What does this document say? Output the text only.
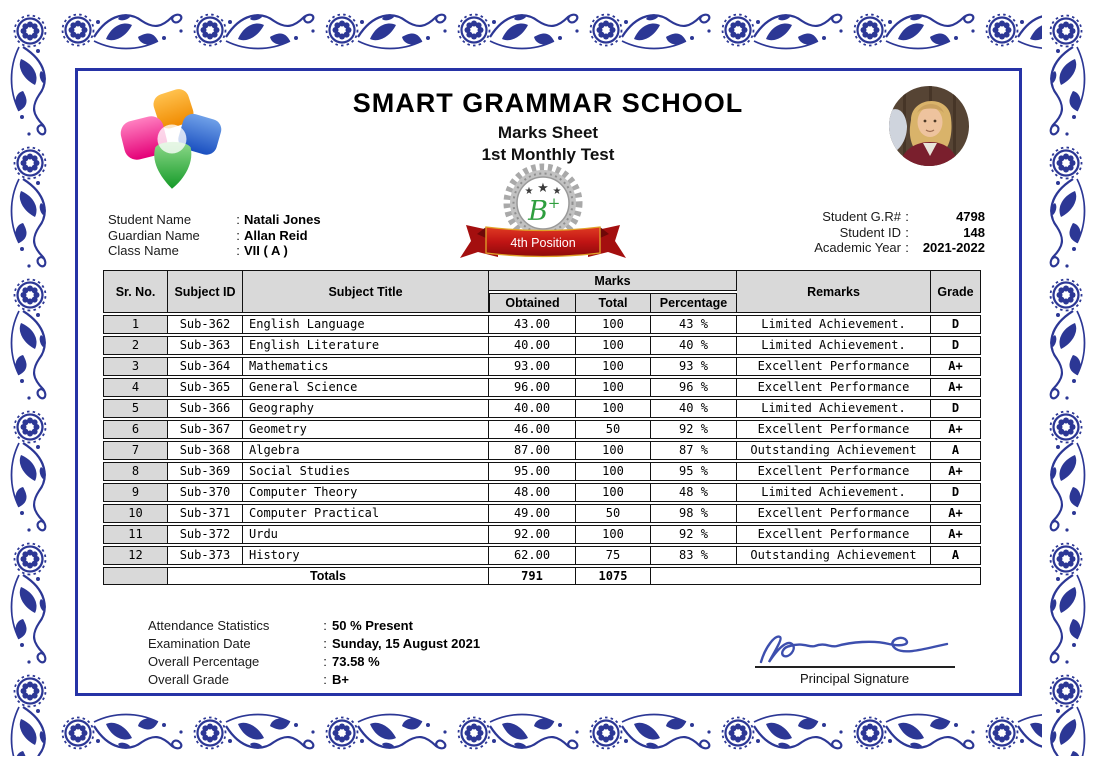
SMART GRAMMAR SCHOOL
Marks Sheet
1st Monthly Test
★ ★ ★
B +
4th Position
Student Name	: Natali Jones
Guardian Name	: Allan Reid
Class Name	: VII ( A )
Student G.R# :	4798
Student ID :	148
Academic Year :	2021-2022
Sr. No.	Subject ID	Subject Title	Marks			Remarks	Grade
			Obtained	Total	Percentage		
1	Sub-362	English Language	43.00	100	43 %	Limited Achievement.	D
2	Sub-363	English Literature	40.00	100	40 %	Limited Achievement.	D
3	Sub-364	Mathematics	93.00	100	93 %	Excellent Performance	A+
4	Sub-365	General Science	96.00	100	96 %	Excellent Performance	A+
5	Sub-366	Geography	40.00	100	40 %	Limited Achievement.	D
6	Sub-367	Geometry	46.00	50	92 %	Excellent Performance	A+
7	Sub-368	Algebra	87.00	100	87 %	Outstanding Achievement	A
8	Sub-369	Social Studies	95.00	100	95 %	Excellent Performance	A+
9	Sub-370	Computer Theory	48.00	100	48 %	Limited Achievement.	D
10	Sub-371	Computer Practical	49.00	50	98 %	Excellent Performance	A+
11	Sub-372	Urdu	92.00	100	92 %	Excellent Performance	A+
12	Sub-373	History	62.00	75	83 %	Outstanding Achievement	A
	Totals		791	1075			
Attendance Statistics	: 50 % Present
Examination Date	: Sunday, 15 August 2021
Overall Percentage	: 73.58 %
Overall Grade	: B+	Principal Signature
